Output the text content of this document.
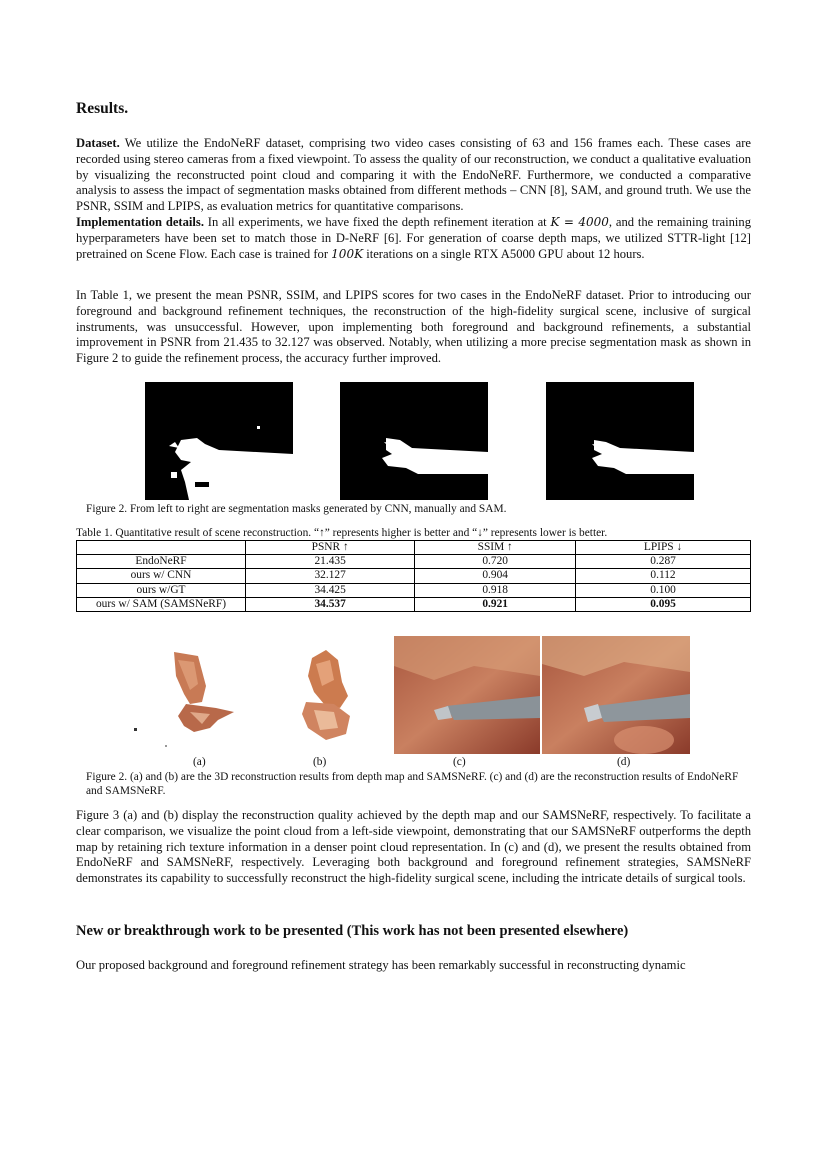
Results.

Dataset. We utilize the EndoNeRF dataset, comprising two video cases consisting of 63 and 156 frames each. These cases are recorded using stereo cameras from a fixed viewpoint. To assess the quality of our reconstruction, we conduct a qualitative evaluation by visualizing the reconstructed point cloud and comparing it with the EndoNeRF. Furthermore, we conducted a comparative analysis to assess the impact of segmentation masks obtained from different methods – CNN [8], SAM, and ground truth. We use the PSNR, SSIM and LPIPS, as evaluation metrics for quantitative comparisons.

Implementation details. In all experiments, we have fixed the depth refinement iteration at K = 4000, and the remaining training hyperparameters have been set to match those in D-NeRF [6]. For generation of coarse depth maps, we utilized STTR-light [12] pretrained on Scene Flow. Each case is trained for 100K iterations on a single RTX A5000 GPU about 12 hours.

In Table 1, we present the mean PSNR, SSIM, and LPIPS scores for two cases in the EndoNeRF dataset. Prior to introducing our foreground and background refinement techniques, the reconstruction of the high-fidelity surgical scene, inclusive of surgical instruments, was unsuccessful. However, upon implementing both foreground and background refinements, a substantial improvement in PSNR from 21.435 to 32.127 was observed. Notably, when utilizing a more precise segmentation mask as shown in Figure 2 to guide the refinement process, the accuracy further improved.

Figure 2. From left to right are segmentation masks generated by CNN, manually and SAM.
Table 1. Quantitative result of scene reconstruction. “↑” represents higher is better and “↓” represents lower is better.
	PSNR ↑	SSIM ↑	LPIPS ↓
EndoNeRF	21.435	0.720	0.287
ours w/ CNN	32.127	0.904	0.112
ours w/GT	34.425	0.918	0.100
ours w/ SAM (SAMSNeRF)	34.537	0.921	0.095
(a)	(b)	(c)	(d)
Figure 2. (a) and (b) are the 3D reconstruction results from depth map and SAMSNeRF. (c) and (d) are the reconstruction results of EndoNeRF and SAMSNeRF.

Figure 3 (a) and (b) display the reconstruction quality achieved by the depth map and our SAMSNeRF, respectively. To facilitate a clear comparison, we visualize the point cloud from a left-side viewpoint, demonstrating that our SAMSNeRF outperforms the depth map by retaining rich texture information in a denser point cloud representation. In (c) and (d), we present the results obtained from EndoNeRF and SAMSNeRF, respectively. Leveraging both background and foreground refinement strategies, SAMSNeRF demonstrates its capability to successfully reconstruct the high-fidelity surgical scene, including the intricate details of surgical tools.

New or breakthrough work to be presented (This work has not been presented elsewhere)

Our proposed background and foreground refinement strategy has been remarkably successful in reconstructing dynamic
